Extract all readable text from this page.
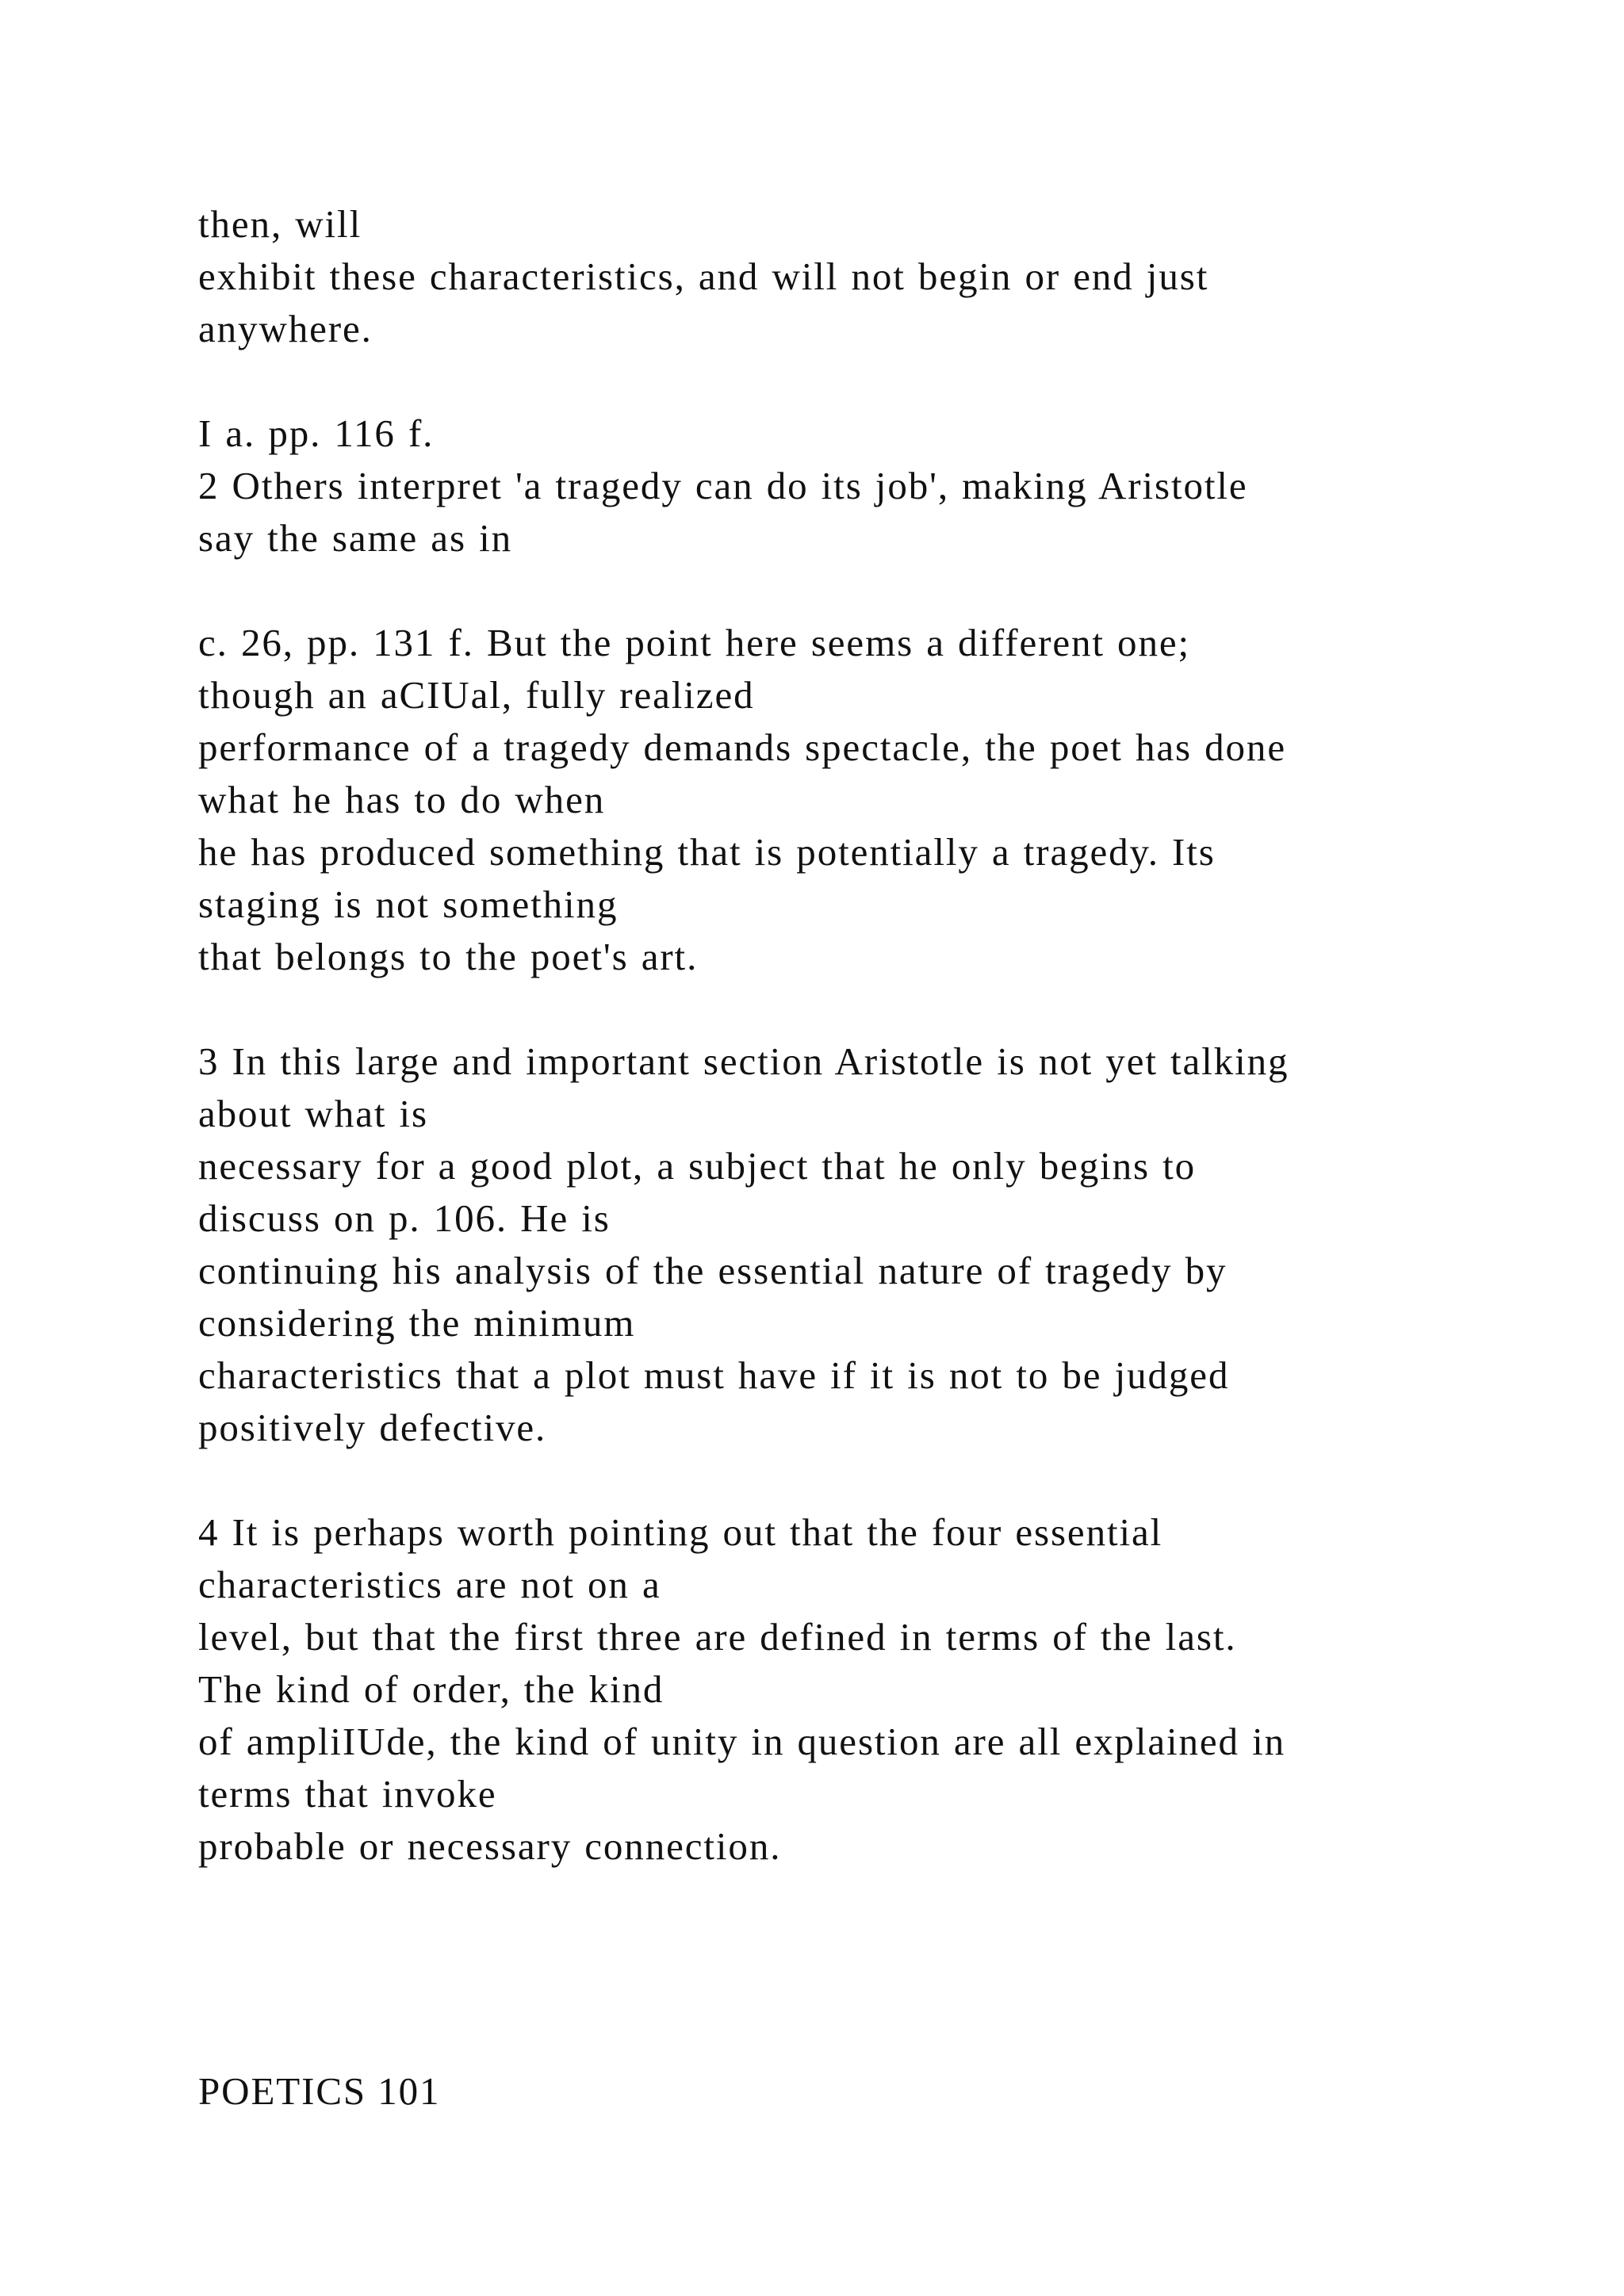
then, will

exhibit these characteristics, and will not begin or end just

anywhere.

I a. pp. 116 f.

2 Others interpret 'a tragedy can do its job', making Aristotle

say the same as in

c. 26, pp. 131 f. But the point here seems a different one;

though an aCIUal, fully realized

performance of a tragedy demands spectacle, the poet has done

what he has to do when

he has produced something that is potentially a tragedy. Its

staging is not something

that belongs to the poet's art.

3 In this large and important section Aristotle is not yet talking

about what is

necessary for a good plot, a subject that he only begins to

discuss on p. 106. He is

continuing his analysis of the essential nature of tragedy by

considering the minimum

characteristics that a plot must have if it is not to be judged

positively defective.

4 It is perhaps worth pointing out that the four essential

characteristics are not on a

level, but that the first three are defined in terms of the last.

The kind of order, the kind

of ampliIUde, the kind of unity in question are all explained in

terms that invoke

probable or necessary connection.

POETICS 101
